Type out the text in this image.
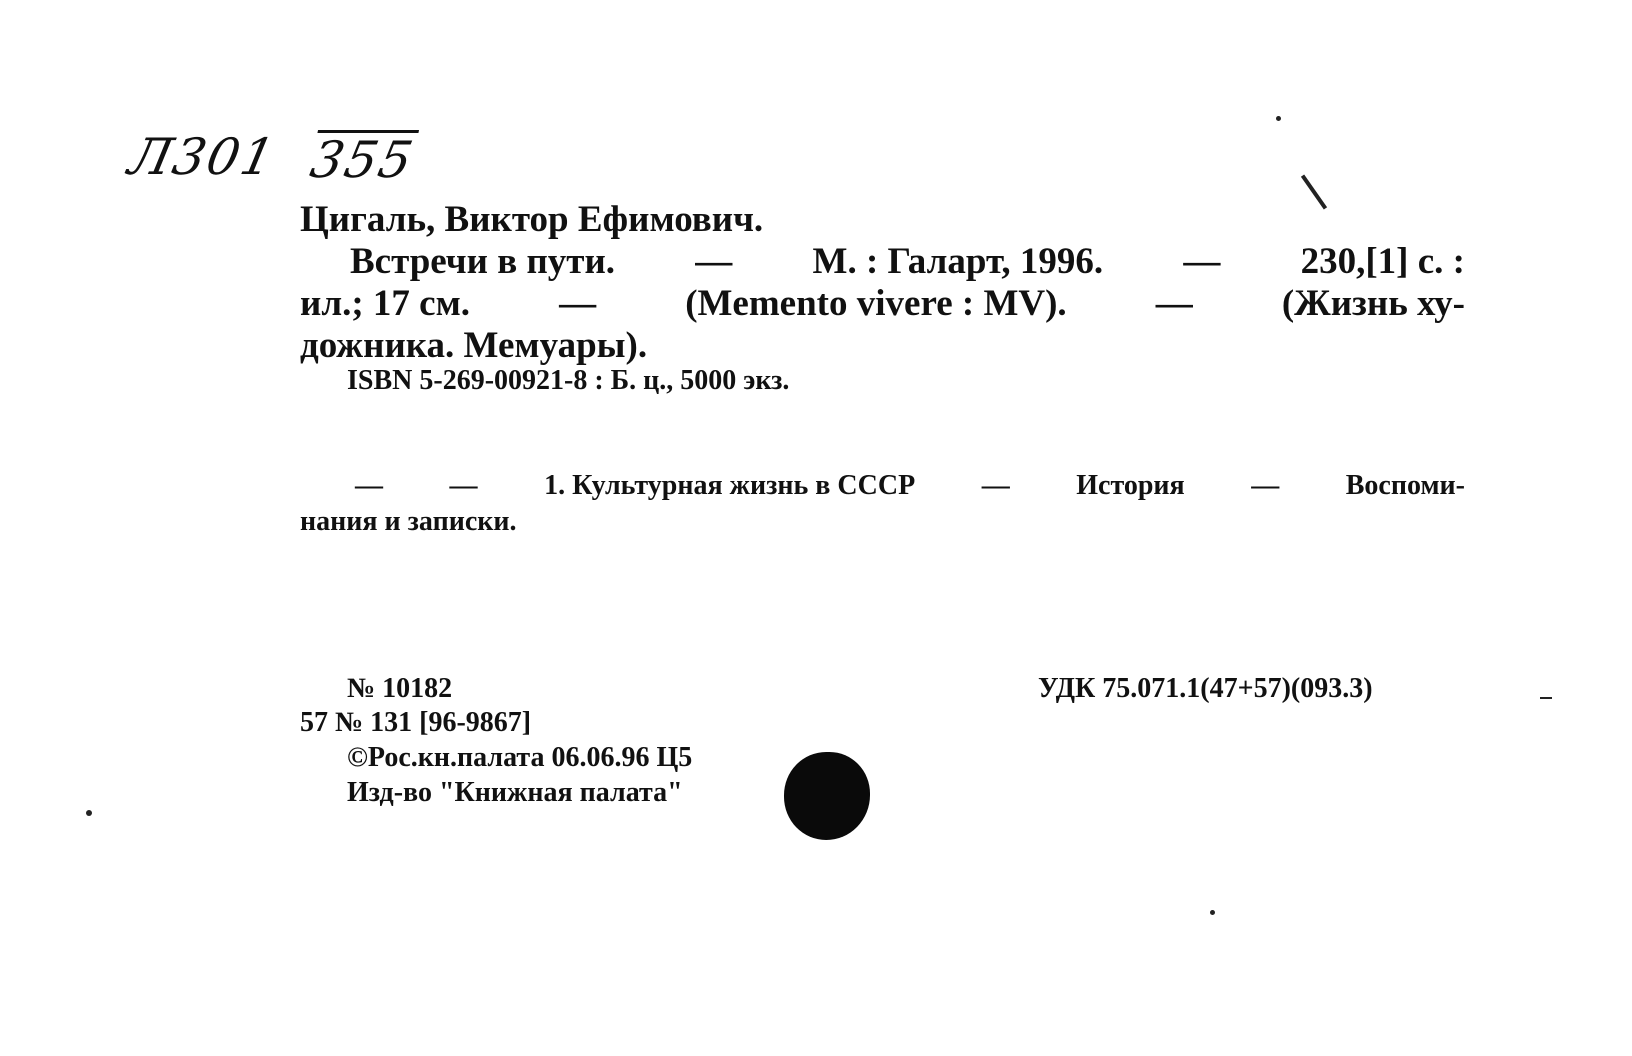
Л301 355
Цигаль, Виктор Ефимович.
Встречи в пути. — М. : Галарт, 1996. — 230,[1] с. :
ил.; 17 см. — (Memento vivere : MV). — (Жизнь ху-
дожника. Мемуары).
ISBN 5-269-00921-8 : Б. ц., 5000 экз.
— — 1. Культурная жизнь в СССР — История — Воспоми-
нания и записки.
№ 10182
57 № 131 [96-9867]
УДК 75.071.1(47+57)(093.3)
©Рос.кн.палата 06.06.96 Ц5
Изд-во "Книжная палата"
